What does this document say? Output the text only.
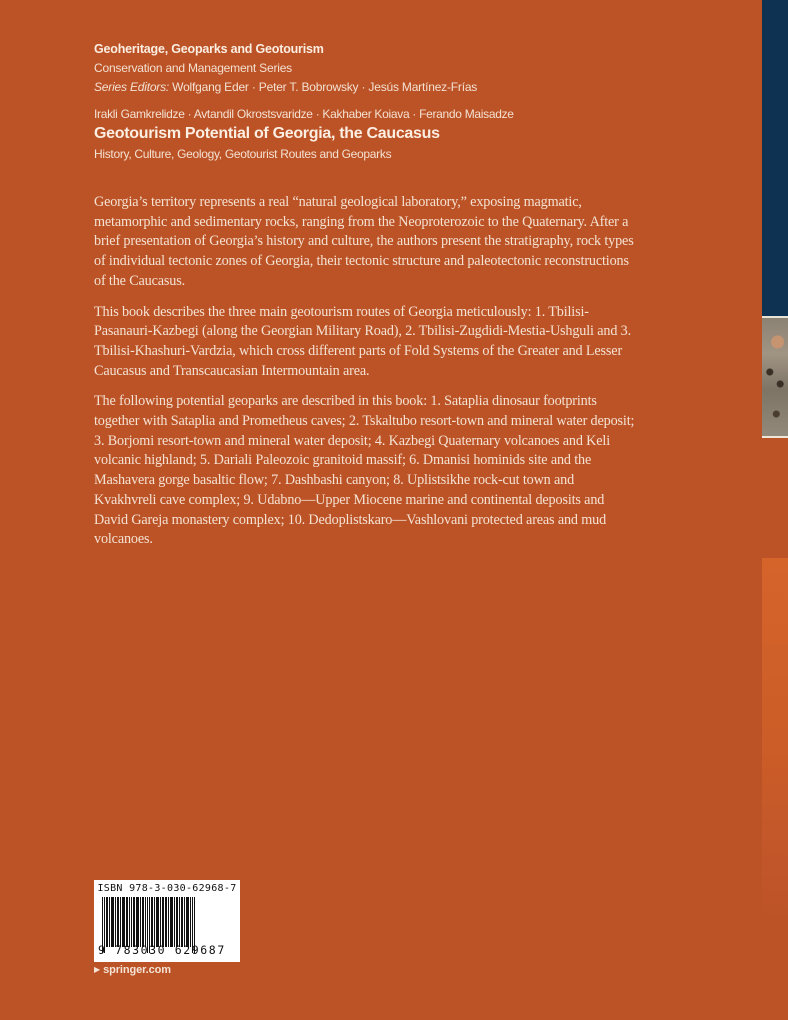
Geoheritage, Geoparks and Geotourism
Conservation and Management Series
Series Editors: Wolfgang Eder · Peter T. Bobrowsky · Jesús Martínez-Frías
Irakli Gamkrelidze · Avtandil Okrostsvaridze · Kakhaber Koiava · Ferando Maisadze
Geotourism Potential of Georgia, the Caucasus
History, Culture, Geology, Geotourist Routes and Geoparks

Georgia’s territory represents a real “natural geological laboratory,” exposing magmatic, metamorphic and sedimentary rocks, ranging from the Neoproterozoic to the Quaternary. After a brief presentation of Georgia’s history and culture, the authors present the stratigraphy, rock types of individual tectonic zones of Georgia, their tectonic structure and paleotectonic reconstructions of the Caucasus.

This book describes the three main geotourism routes of Georgia meticulously: 1. Tbilisi-Pasanauri-Kazbegi (along the Georgian Military Road), 2. Tbilisi-Zugdidi-Mestia-Ushguli and 3. Tbilisi-Khashuri-Vardzia, which cross different parts of Fold Systems of the Greater and Lesser Caucasus and Transcaucasian Intermountain area.

The following potential geoparks are described in this book: 1. Sataplia dinosaur footprints together with Sataplia and Prometheus caves; 2. Tskaltubo resort-town and mineral water deposit; 3. Borjomi resort-town and mineral water deposit; 4. Kazbegi Quaternary volcanoes and Keli volcanic highland; 5. Dariali Paleozoic granitoid massif; 6. Dmanisi hominids site and the Mashavera gorge basaltic flow; 7. Dashbashi canyon; 8. Uplistsikhe rock-cut town and Kvakhvreli cave complex; 9. Udabno—Upper Miocene marine and continental deposits and David Gareja monastery complex; 10. Dedoplistskaro—Vashlovani protected areas and mud volcanoes.

ISBN 978-3-030-62968-7
9 783030 629687
▶ springer.com
